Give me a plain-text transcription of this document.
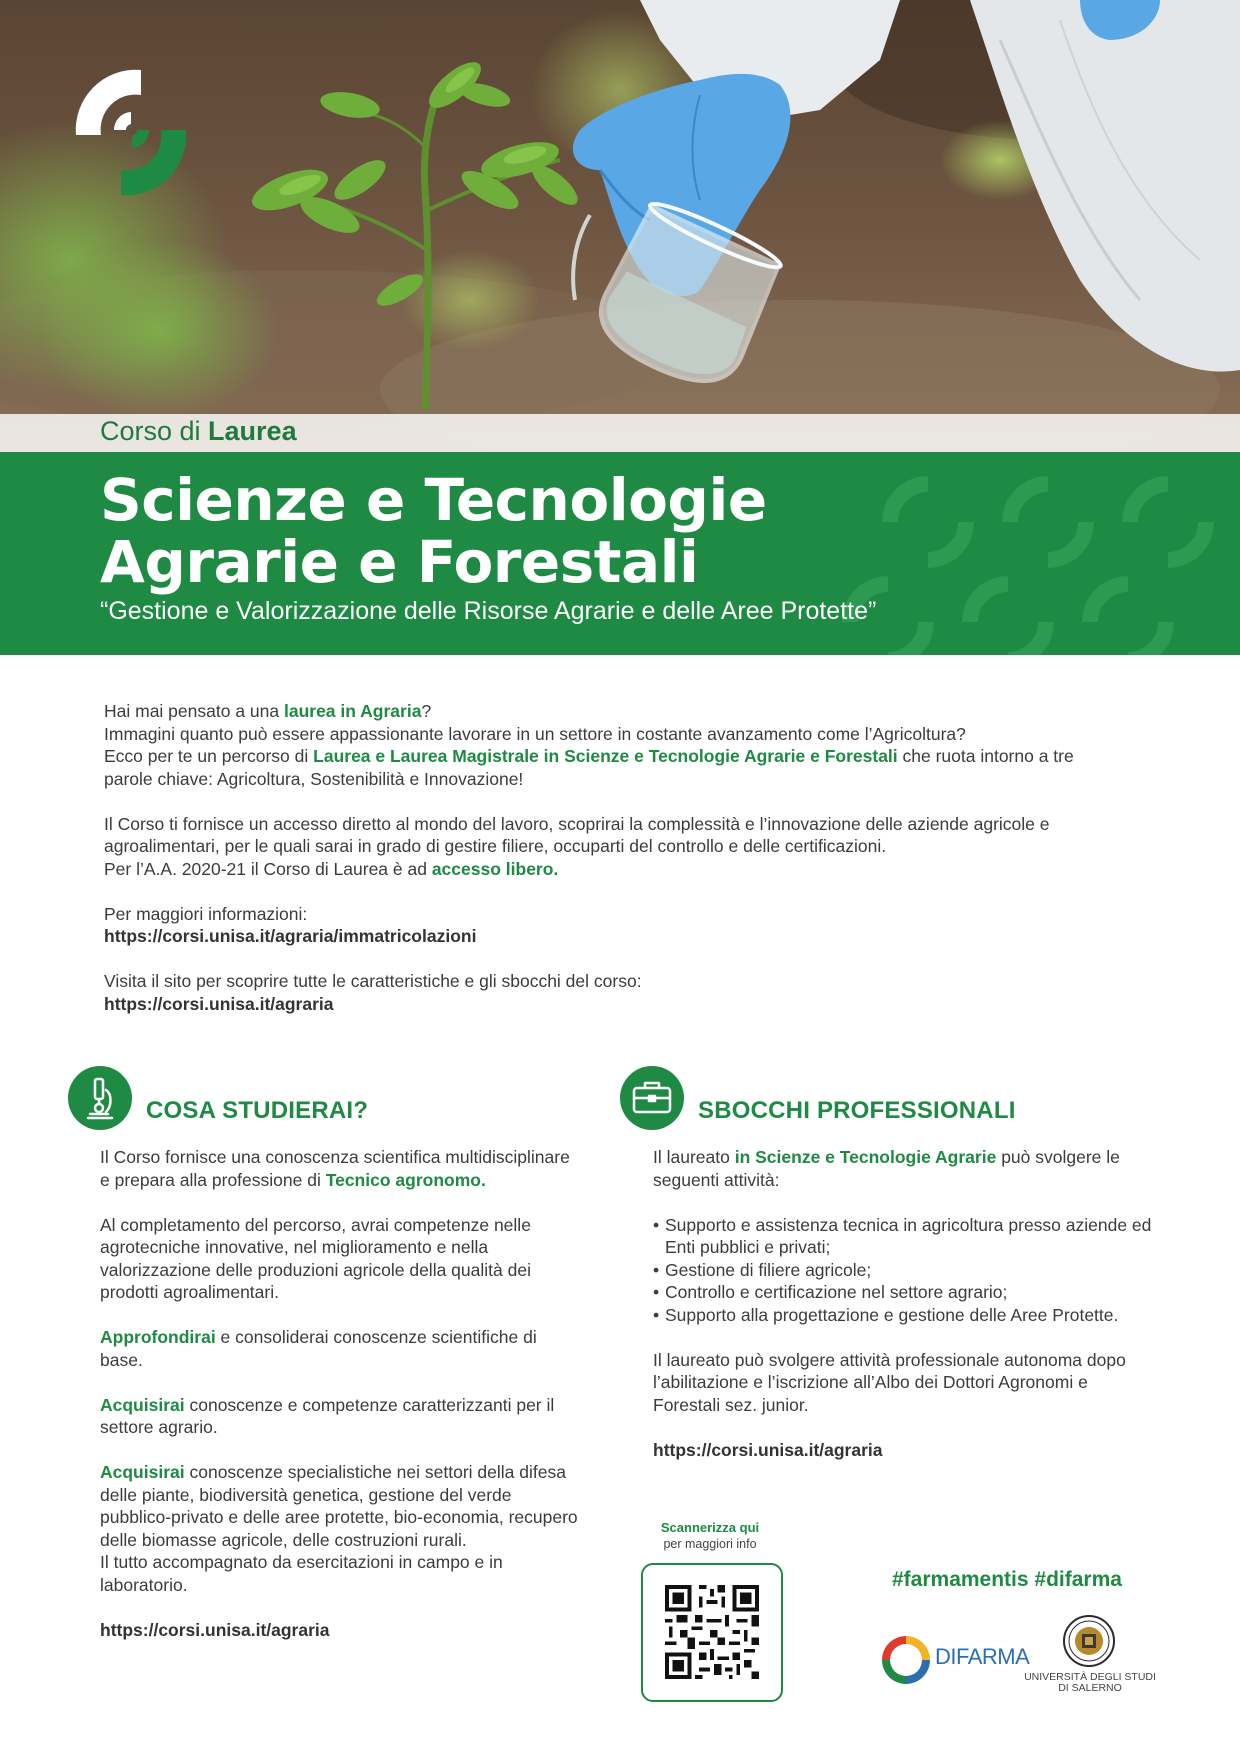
Corso di Laurea
Scienze e Tecnologie
Agrarie e Forestali
“Gestione e Valorizzazione delle Risorse Agrarie e delle Aree Protette”

Hai mai pensato a una laurea in Agraria?
Immagini quanto può essere appassionante lavorare in un settore in costante avanzamento come l’Agricoltura?
Ecco per te un percorso di Laurea e Laurea Magistrale in Scienze e Tecnologie Agrarie e Forestali che ruota intorno a tre parole chiave: Agricoltura, Sostenibilità e Innovazione!

Il Corso ti fornisce un accesso diretto al mondo del lavoro, scoprirai la complessità e l’innovazione delle aziende agricole e agroalimentari, per le quali sarai in grado di gestire filiere, occuparti del controllo e delle certificazioni.
Per l’A.A. 2020-21 il Corso di Laurea è ad accesso libero.

Per maggiori informazioni:
https://corsi.unisa.it/agraria/immatricolazioni

Visita il sito per scoprire tutte le caratteristiche e gli sbocchi del corso:
https://corsi.unisa.it/agraria

COSA STUDIERAI?

Il Corso fornisce una conoscenza scientifica multidisciplinare e prepara alla professione di Tecnico agronomo.

Al completamento del percorso, avrai competenze nelle agrotecniche innovative, nel miglioramento e nella valorizzazione delle produzioni agricole della qualità dei prodotti agroalimentari.

Approfondirai e consoliderai conoscenze scientifiche di base.

Acquisirai conoscenze e competenze caratterizzanti per il settore agrario.

Acquisirai conoscenze specialistiche nei settori della difesa delle piante, biodiversità genetica, gestione del verde pubblico-privato e delle aree protette, bio-economia, recupero delle biomasse agricole, delle costruzioni rurali.
Il tutto accompagnato da esercitazioni in campo e in laboratorio.

https://corsi.unisa.it/agraria

SBOCCHI PROFESSIONALI

Il laureato in Scienze e Tecnologie Agrarie può svolgere le seguenti attività:

• Supporto e assistenza tecnica in agricoltura presso aziende ed Enti pubblici e privati;
• Gestione di filiere agricole;
• Controllo e certificazione nel settore agrario;
• Supporto alla progettazione e gestione delle Aree Protette.

Il laureato può svolgere attività professionale autonoma dopo l’abilitazione e l’iscrizione all’Albo dei Dottori Agronomi e Forestali sez. junior.

https://corsi.unisa.it/agraria

Scannerizza qui
per maggiori info
#farmamentis #difarma
DIFARMA
UNIVERSITÀ DEGLI STUDI
DI SALERNO
